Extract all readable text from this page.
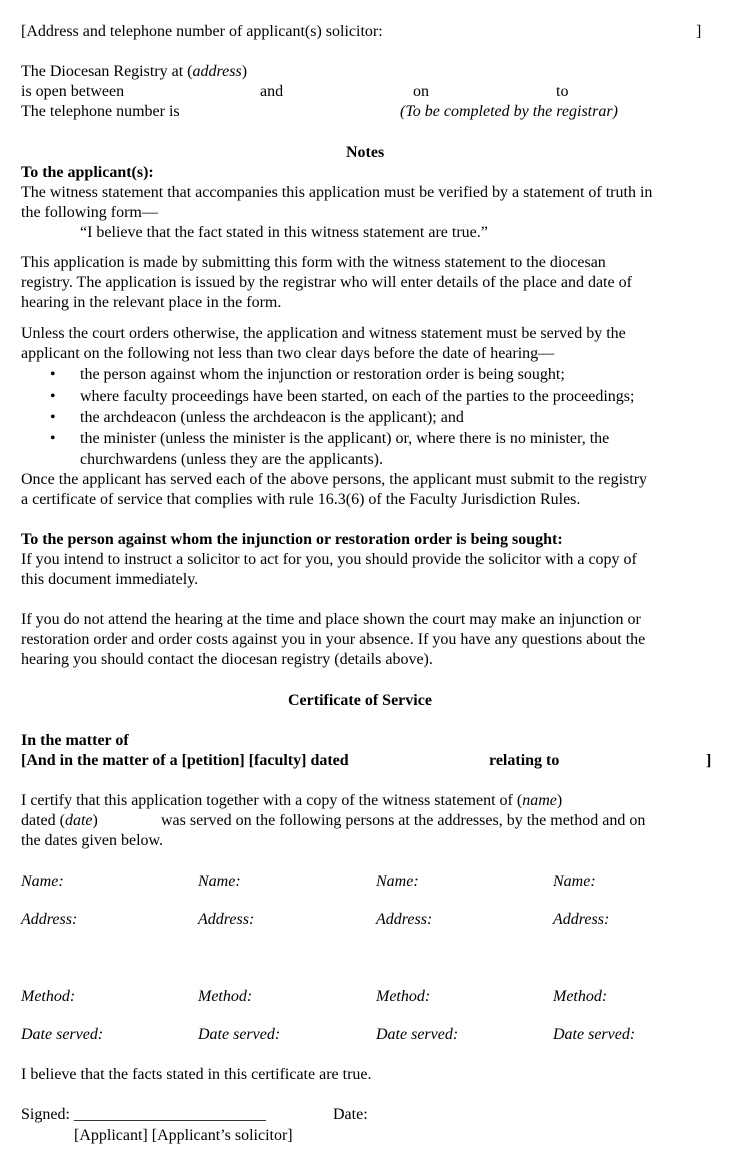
[Address and telephone number of applicant(s) solicitor:	]
The Diocesan Registry at (address)
is open between	and	on	to
The telephone number is	(To be completed by the registrar)
Notes
To the applicant(s):
The witness statement that accompanies this application must be verified by a statement of truth in
the following form—
“I believe that the fact stated in this witness statement are true.”
This application is made by submitting this form with the witness statement to the diocesan
registry. The application is issued by the registrar who will enter details of the place and date of
hearing in the relevant place in the form.
Unless the court orders otherwise, the application and witness statement must be served by the
applicant on the following not less than two clear days before the date of hearing—
• the person against whom the injunction or restoration order is being sought;
• where faculty proceedings have been started, on each of the parties to the proceedings;
• the archdeacon (unless the archdeacon is the applicant); and
• the minister (unless the minister is the applicant) or, where there is no minister, the
churchwardens (unless they are the applicants).
Once the applicant has served each of the above persons, the applicant must submit to the registry
a certificate of service that complies with rule 16.3(6) of the Faculty Jurisdiction Rules.
To the person against whom the injunction or restoration order is being sought:
If you intend to instruct a solicitor to act for you, you should provide the solicitor with a copy of
this document immediately.
If you do not attend the hearing at the time and place shown the court may make an injunction or
restoration order and order costs against you in your absence. If you have any questions about the
hearing you should contact the diocesan registry (details above).
Certificate of Service
In the matter of
[And in the matter of a [petition] [faculty] dated	relating to	]
I certify that this application together with a copy of the witness statement of (name)
dated (date)	was served on the following persons at the addresses, by the method and on
the dates given below.
Name:	Name:	Name:	Name:
Address:	Address:	Address:	Address:
Method:	Method:	Method:	Method:
Date served:	Date served:	Date served:	Date served:
I believe that the facts stated in this certificate are true.
Signed: ________________________	Date:
[Applicant] [Applicant’s solicitor]
